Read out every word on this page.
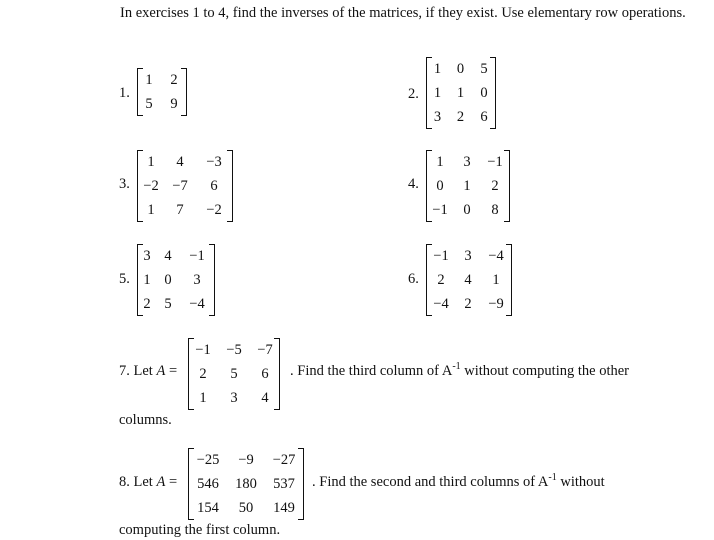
In exercises 1 to 4, find the inverses of the matrices, if they exist. Use elementary row operations.
1.
1	2
5	9
2.
1	0	5
1	1	0
3	2	6
3.
1	4	−3
−2	−7	6
1	7	−2
4.
1	3	−1
0	1	2
−1	0	8
5.
3	4	−1
1	0	3
2	5	−4
6.
−1	3	−4
2	4	1
−4	2	−9
7. Let A =
−1	−5	−7
2	5	6
1	3	4
. Find the third column of $A^{-1}$ without computing the other
columns.
8. Let A =
−25	−9	−27
546	180	537
154	50	149
. Find the second and third columns of $A^{-1}$ without
computing the first column.
